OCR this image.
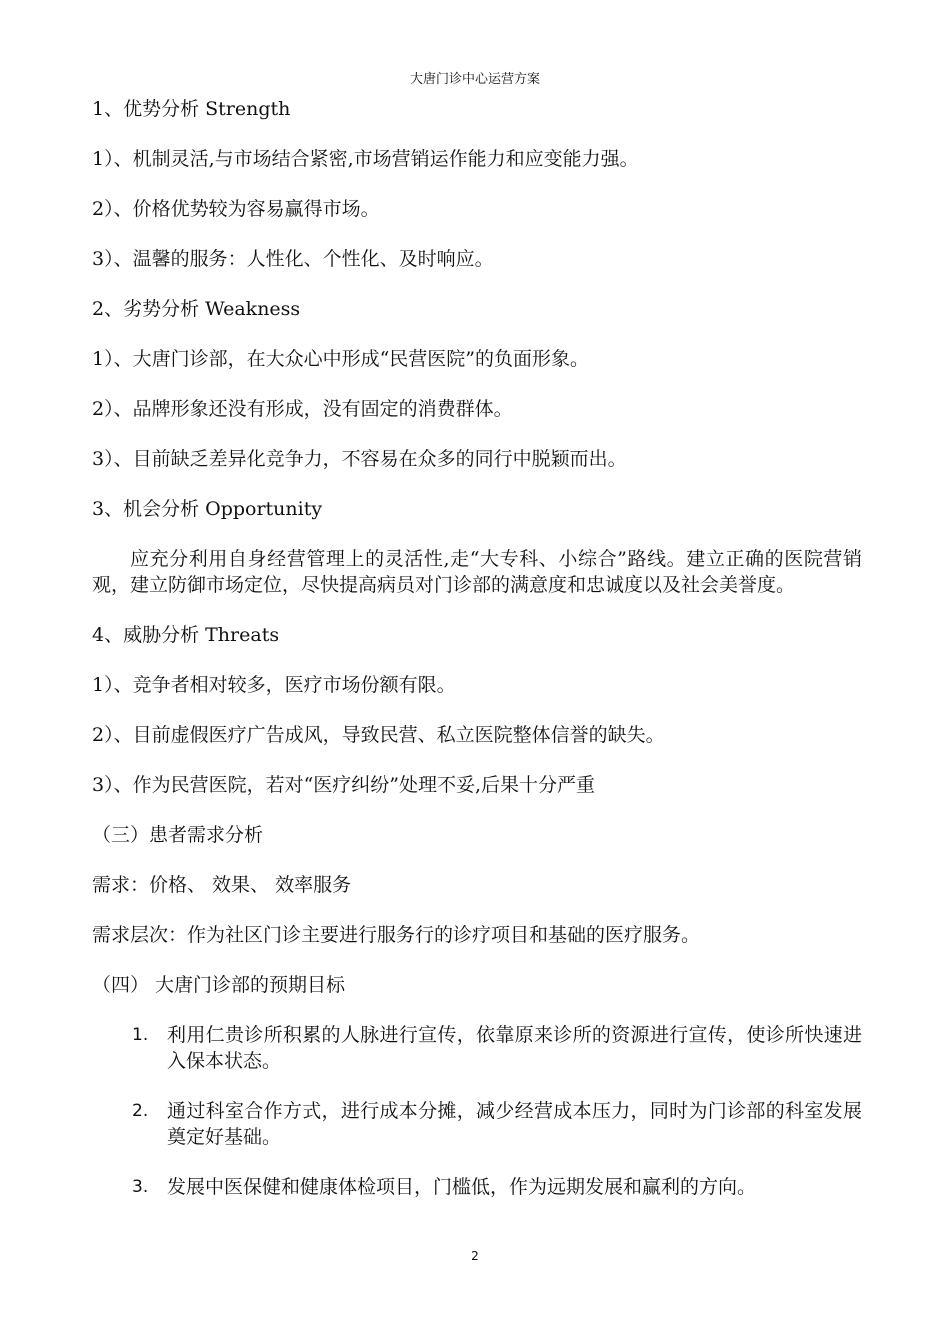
大唐门诊中心运营方案

1、优势分析 Strength

1）、机制灵活,与市场结合紧密,市场营销运作能力和应变能力强。

2）、价格优势较为容易赢得市场。

3）、温馨的服务：人性化、个性化、及时响应。

2、劣势分析 Weakness

1）、大唐门诊部，在大众心中形成“民营医院”的负面形象。

2）、品牌形象还没有形成，没有固定的消费群体。

3）、目前缺乏差异化竞争力，不容易在众多的同行中脱颖而出。

3、机会分析 Opportunity

应充分利用自身经营管理上的灵活性,走“大专科、小综合”路线。建立正确的医院营销观，建立防御市场定位，尽快提高病员对门诊部的满意度和忠诚度以及社会美誉度。

4、威胁分析 Threats

1）、竞争者相对较多，医疗市场份额有限。

2）、目前虚假医疗广告成风，导致民营、私立医院整体信誉的缺失。

3）、作为民营医院，若对“医疗纠纷”处理不妥,后果十分严重

（三）患者需求分析

需求：价格、 效果、 效率服务

需求层次：作为社区门诊主要进行服务行的诊疗项目和基础的医疗服务。

（四） 大唐门诊部的预期目标

1. 利用仁贵诊所积累的人脉进行宣传，依靠原来诊所的资源进行宣传，使诊所快速进入保本状态。
2. 通过科室合作方式，进行成本分摊，减少经营成本压力，同时为门诊部的科室发展奠定好基础。
3. 发展中医保健和健康体检项目，门槛低，作为远期发展和赢利的方向。
2
